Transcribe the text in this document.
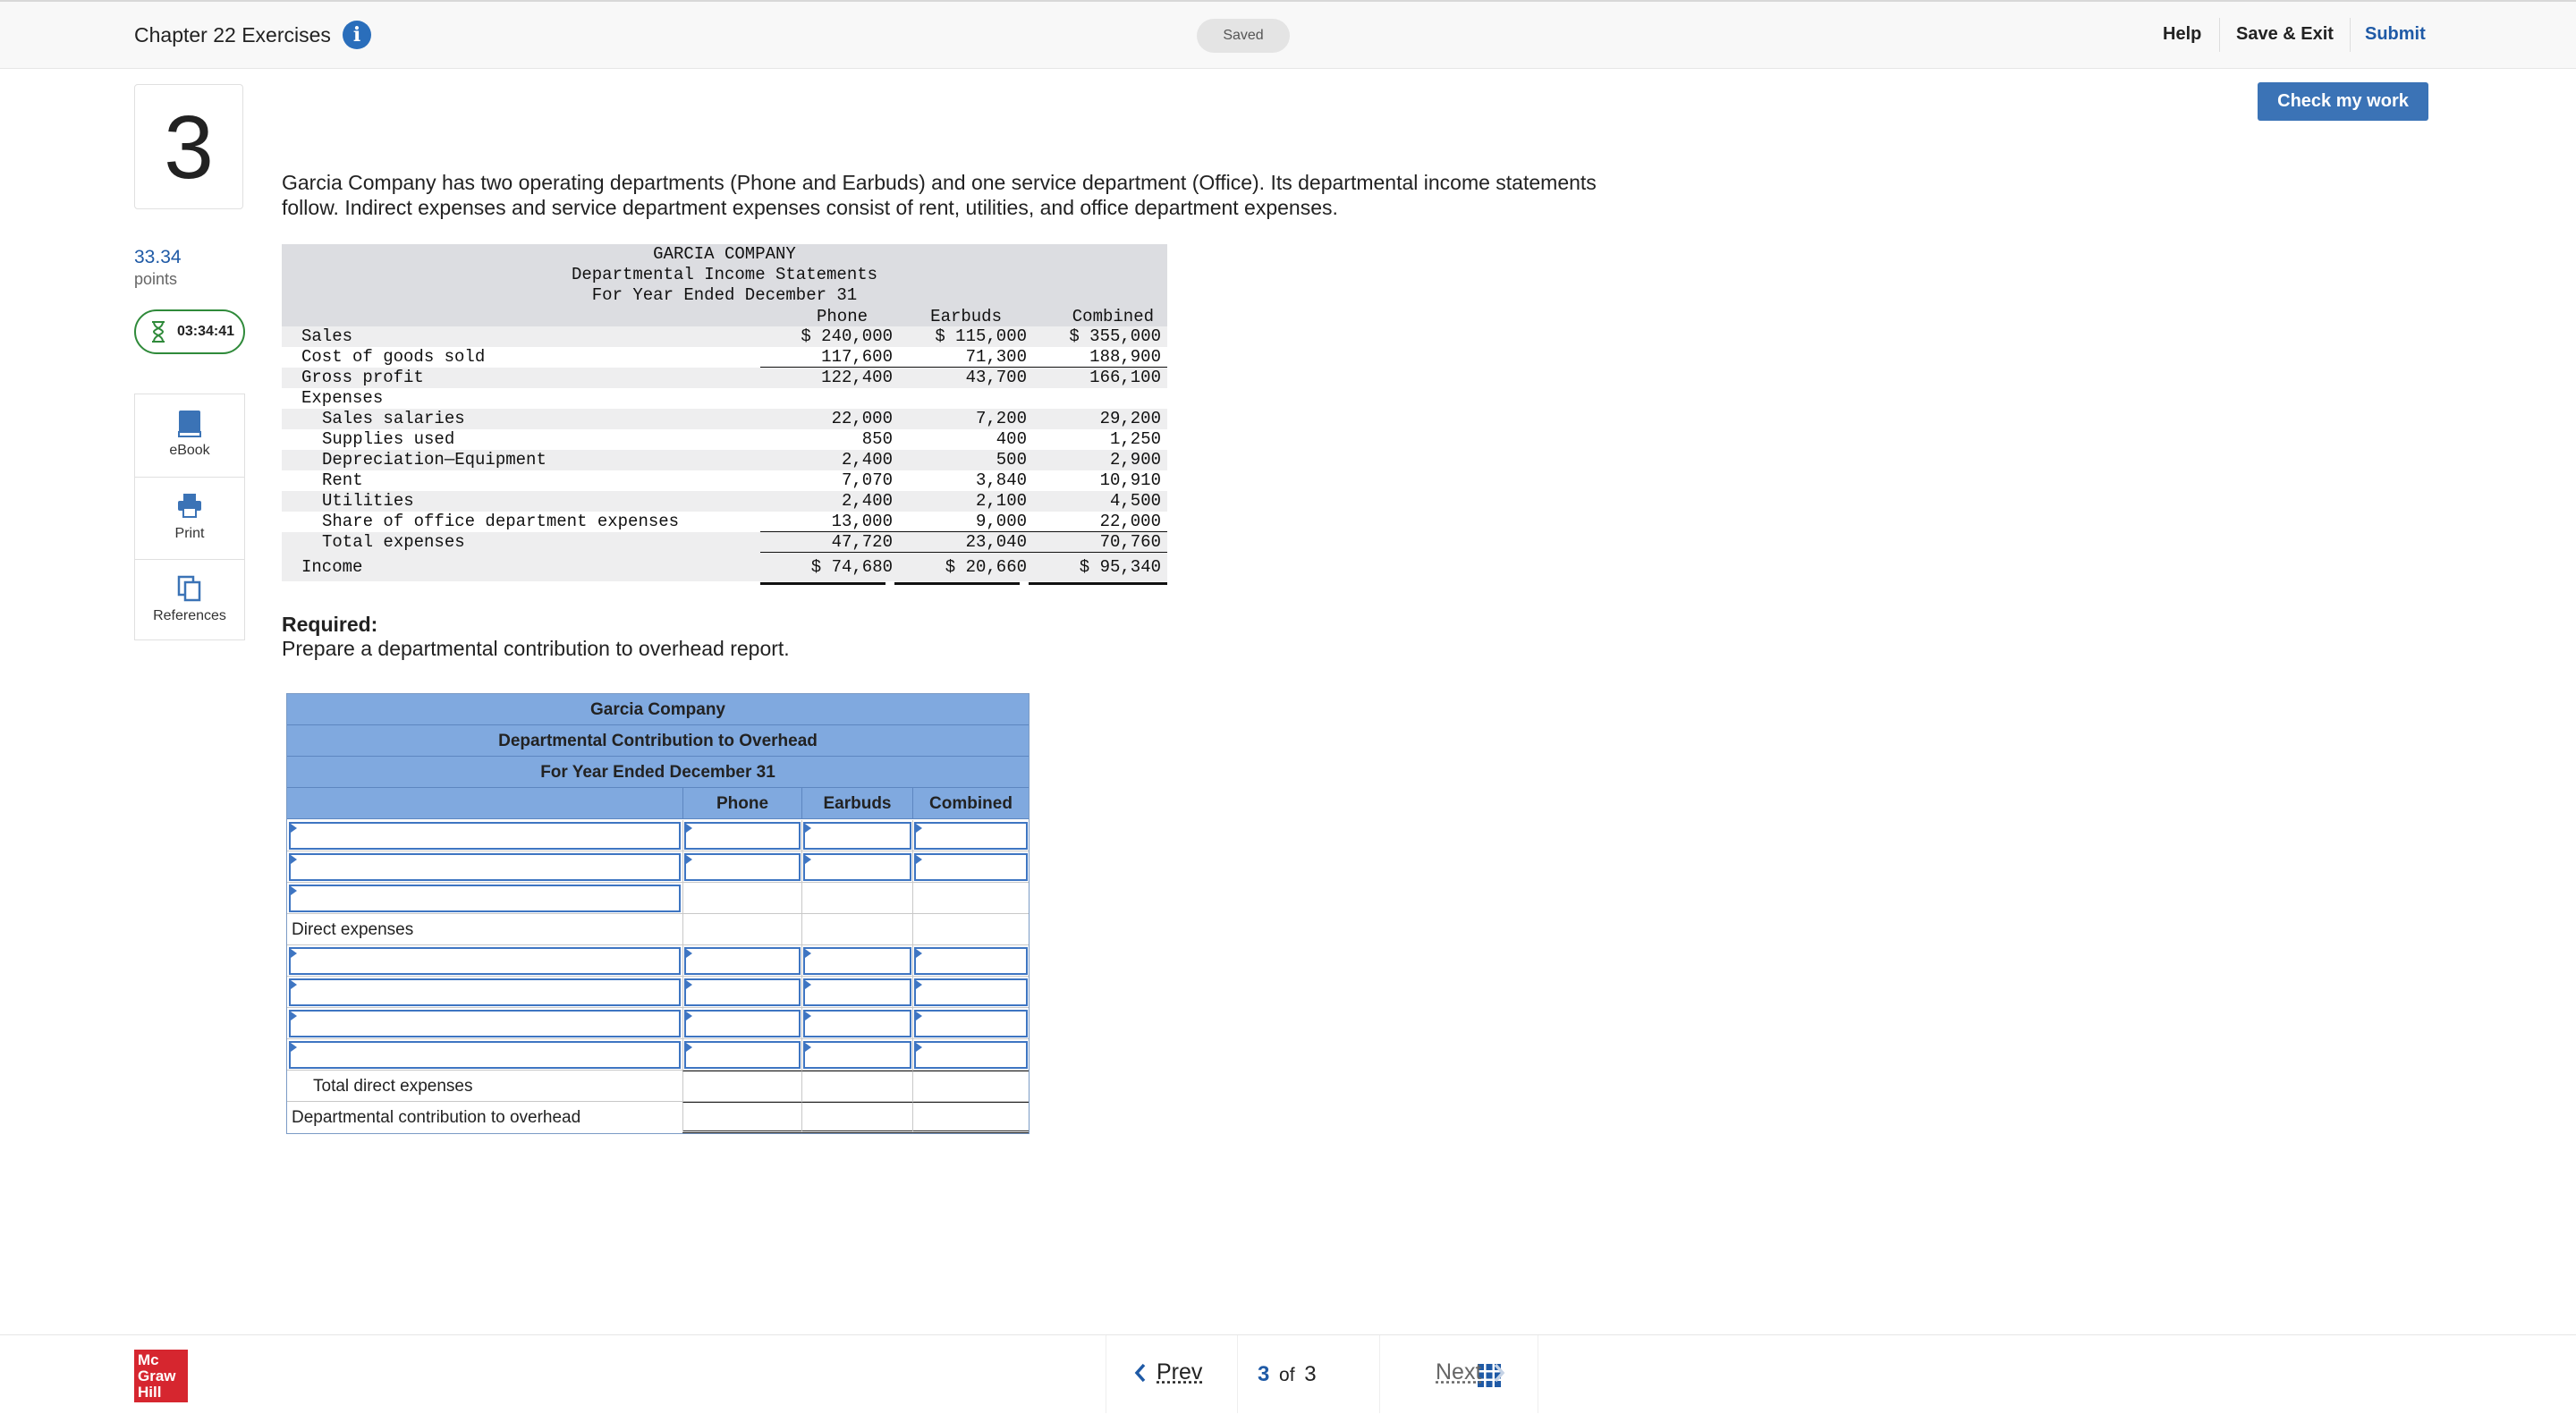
Chapter 22 Exercises	i	Saved	Help Save & Exit Submit
3
33.34
points
03:34:41
eBook
Print
References
Garcia Company has two operating departments (Phone and Earbuds) and one service department (Office). Its departmental income statements follow. Indirect expenses and service department expenses consist of rent, utilities, and office department expenses.
GARCIA COMPANY
Departmental Income Statements
For Year Ended December 31
Phone	Earbuds	Combined
Sales	$ 240,000	$ 115,000	$ 355,000
Cost of goods sold	117,600	71,300	188,900
Gross profit	122,400	43,700	166,100
Expenses
Sales salaries	22,000	7,200	29,200
Supplies used	850	400	1,250
Depreciation—Equipment	2,400	500	2,900
Rent	7,070	3,840	10,910
Utilities	2,400	2,100	4,500
Share of office department expenses	13,000	9,000	22,000
Total expenses	47,720	23,040	70,760
Income	$ 74,680	$ 20,660	$ 95,340
Required:
Prepare a departmental contribution to overhead report.
Garcia Company
Departmental Contribution to Overhead
For Year Ended December 31
Phone	Earbuds	Combined
Direct expenses
Total direct expenses
Departmental contribution to overhead
Check my work
Mc
Graw
Hill
Prev	3 of 3	Next
